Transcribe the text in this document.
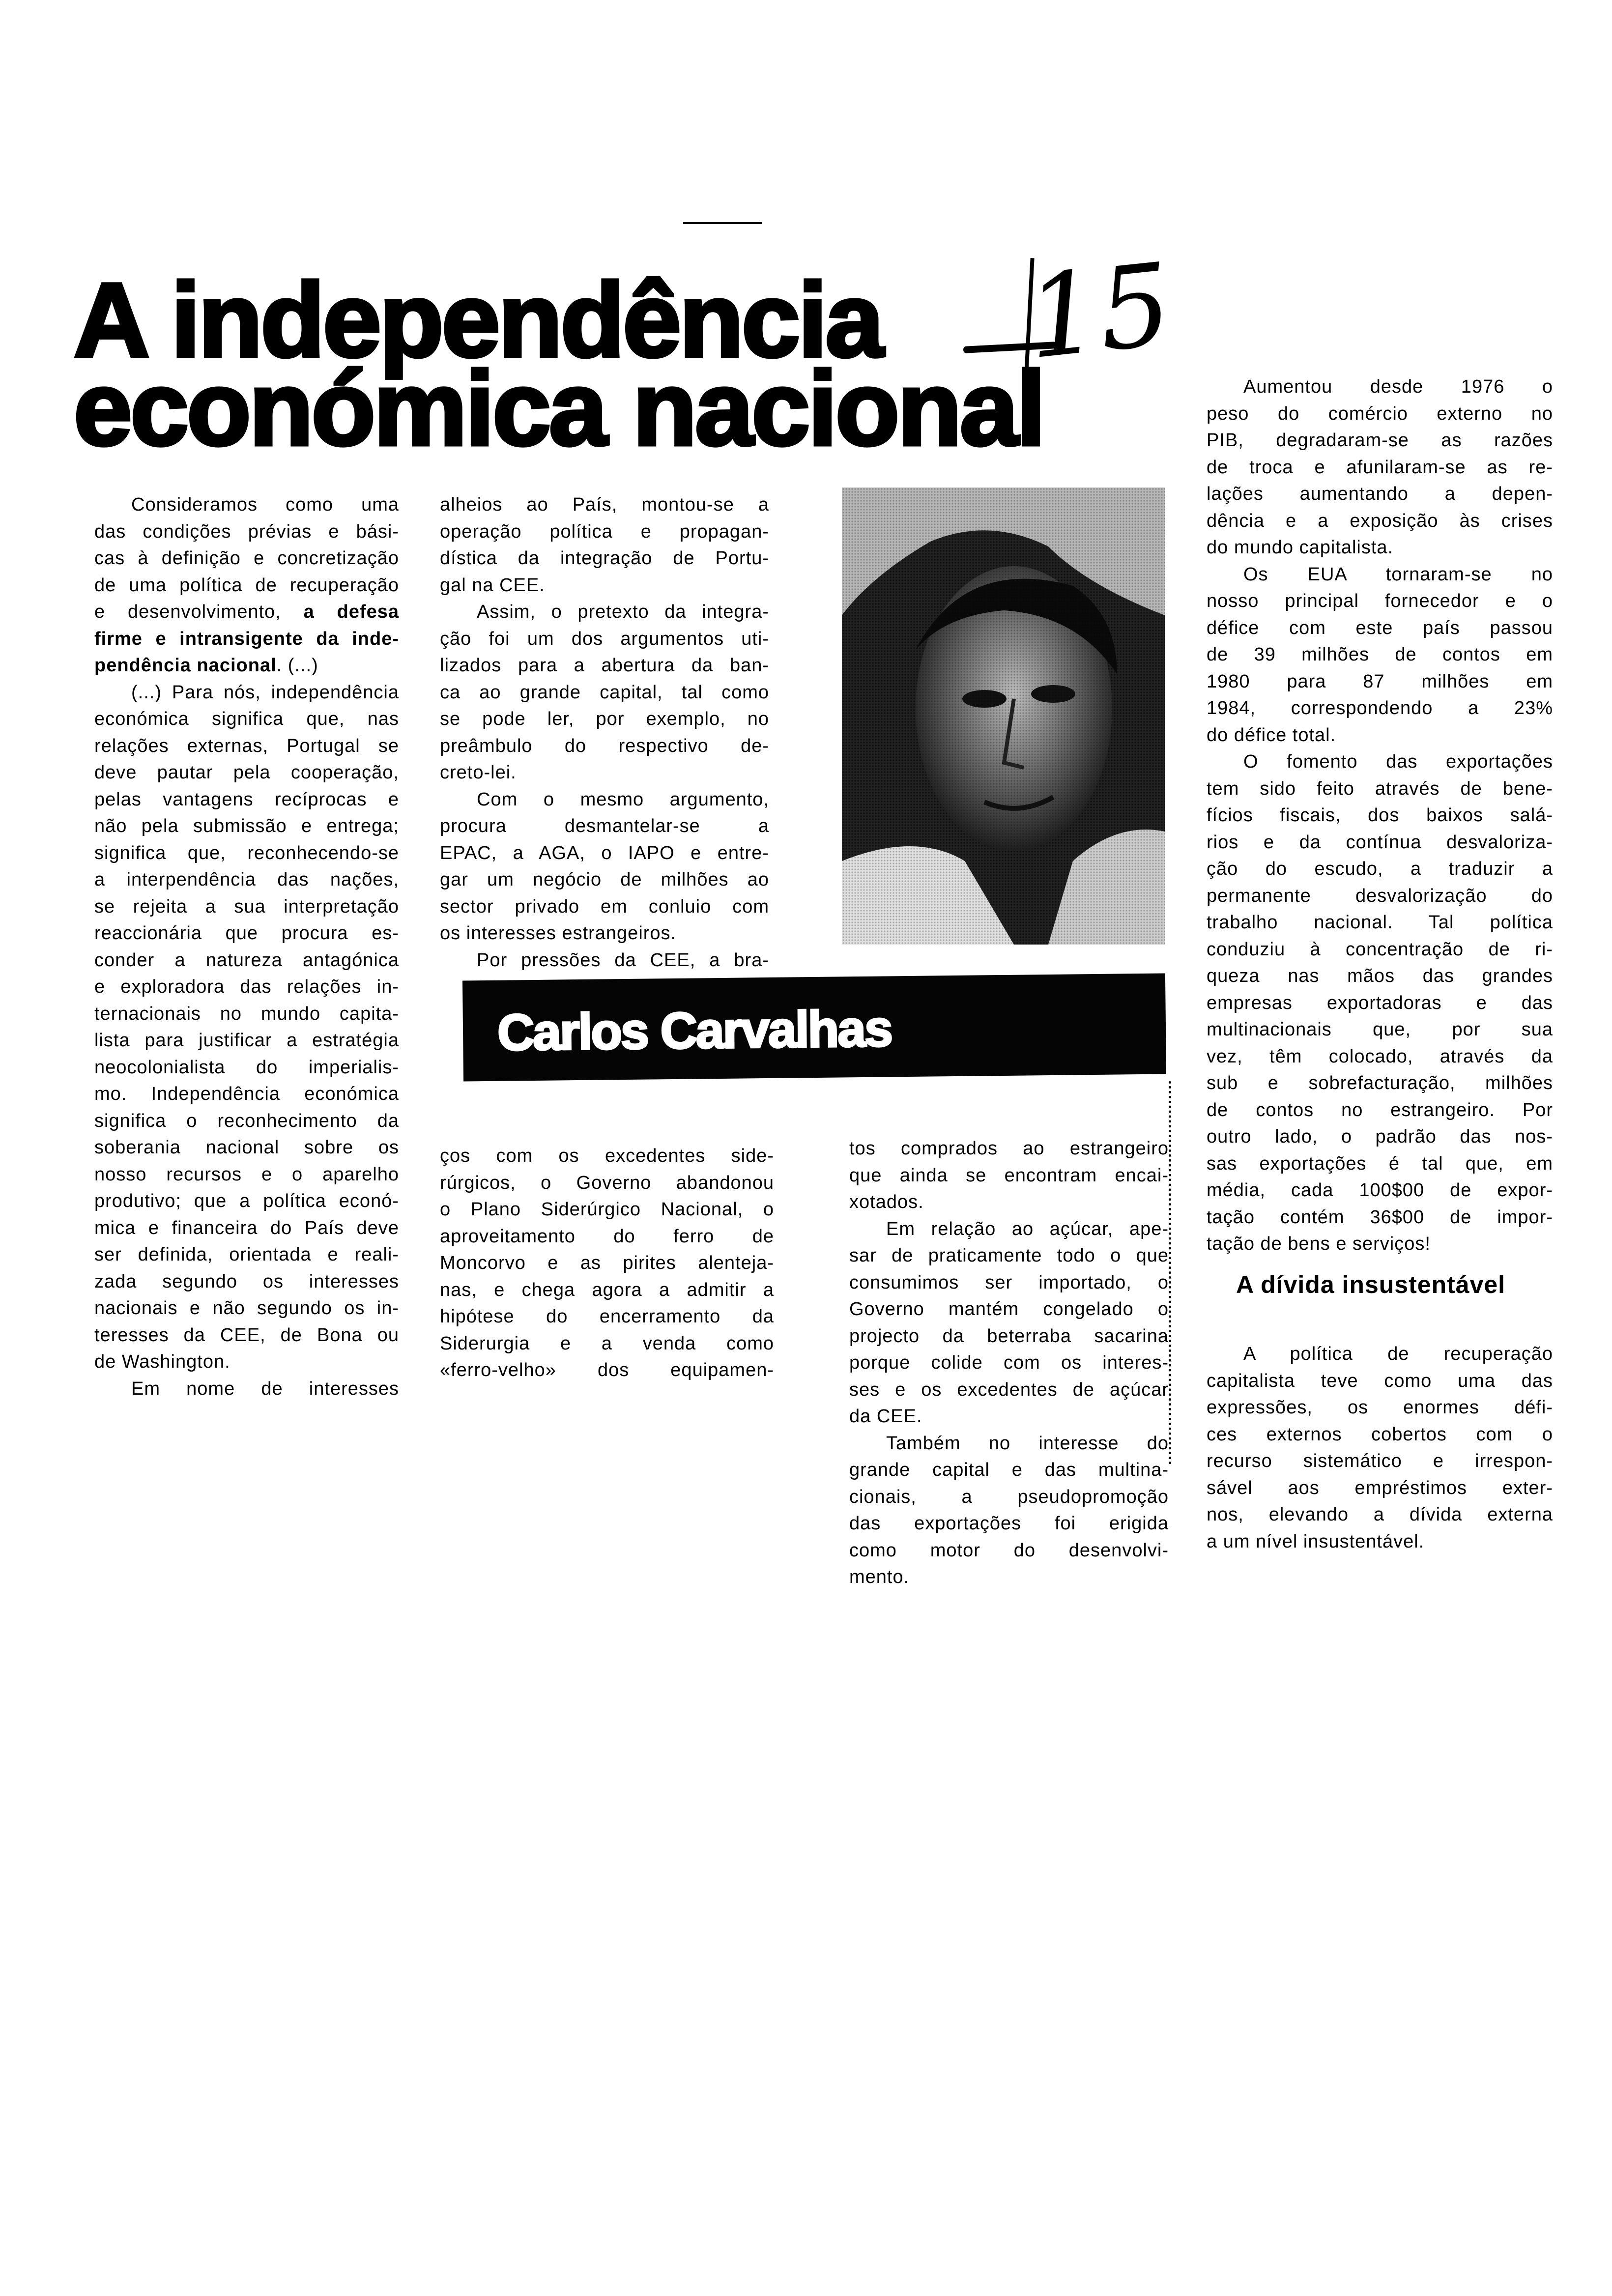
A independência
económica nacional
15
Consideramos como uma
das condições prévias e bási-
cas à definição e concretização
de uma política de recuperação
e desenvolvimento, a defesa
firme e intransigente da inde-
pendência nacional. (...)
(...) Para nós, independência
económica significa que, nas
relações externas, Portugal se
deve pautar pela cooperação,
pelas vantagens recíprocas e
não pela submissão e entrega;
significa que, reconhecendo-se
a interpendência das nações,
se rejeita a sua interpretação
reaccionária que procura es-
conder a natureza antagónica
e exploradora das relações in-
ternacionais no mundo capita-
lista para justificar a estratégia
neocolonialista do imperialis-
mo. Independência económica
significa o reconhecimento da
soberania nacional sobre os
nosso recursos e o aparelho
produtivo; que a política econó-
mica e financeira do País deve
ser definida, orientada e reali-
zada segundo os interesses
nacionais e não segundo os in-
teresses da CEE, de Bona ou
de Washington.
Em nome de interesses
alheios ao País, montou-se a
operação política e propagan-
dística da integração de Portu-
gal na CEE.
Assim, o pretexto da integra-
ção foi um dos argumentos uti-
lizados para a abertura da ban-
ca ao grande capital, tal como
se pode ler, por exemplo, no
preâmbulo do respectivo de-
creto-lei.
Com o mesmo argumento,
procura desmantelar-se a
EPAC, a AGA, o IAPO e entre-
gar um negócio de milhões ao
sector privado em conluio com
os interesses estrangeiros.
Por pressões da CEE, a bra-
Carlos Carvalhas
ços com os excedentes side-
rúrgicos, o Governo abandonou
o Plano Siderúrgico Nacional, o
aproveitamento do ferro de
Moncorvo e as pirites alenteja-
nas, e chega agora a admitir a
hipótese do encerramento da
Siderurgia e a venda como
«ferro-velho» dos equipamen-
tos comprados ao estrangeiro
que ainda se encontram encai-
xotados.
Em relação ao açúcar, ape-
sar de praticamente todo o que
consumimos ser importado, o
Governo mantém congelado o
projecto da beterraba sacarina
porque colide com os interes-
ses e os excedentes de açúcar
da CEE.
Também no interesse do
grande capital e das multina-
cionais, a pseudopromoção
das exportações foi erigida
como motor do desenvolvi-
mento.
Aumentou desde 1976 o
peso do comércio externo no
PIB, degradaram-se as razões
de troca e afunilaram-se as re-
lações aumentando a depen-
dência e a exposição às crises
do mundo capitalista.
Os EUA tornaram-se no
nosso principal fornecedor e o
défice com este país passou
de 39 milhões de contos em
1980 para 87 milhões em
1984, correspondendo a 23%
do défice total.
O fomento das exportações
tem sido feito através de bene-
fícios fiscais, dos baixos salá-
rios e da contínua desvaloriza-
ção do escudo, a traduzir a
permanente desvalorização do
trabalho nacional. Tal política
conduziu à concentração de ri-
queza nas mãos das grandes
empresas exportadoras e das
multinacionais que, por sua
vez, têm colocado, através da
sub e sobrefacturação, milhões
de contos no estrangeiro. Por
outro lado, o padrão das nos-
sas exportações é tal que, em
média, cada 100$00 de expor-
tação contém 36$00 de impor-
tação de bens e serviços!
A dívida insustentável
A política de recuperação
capitalista teve como uma das
expressões, os enormes défi-
ces externos cobertos com o
recurso sistemático e irrespon-
sável aos empréstimos exter-
nos, elevando a dívida externa
a um nível insustentável.
